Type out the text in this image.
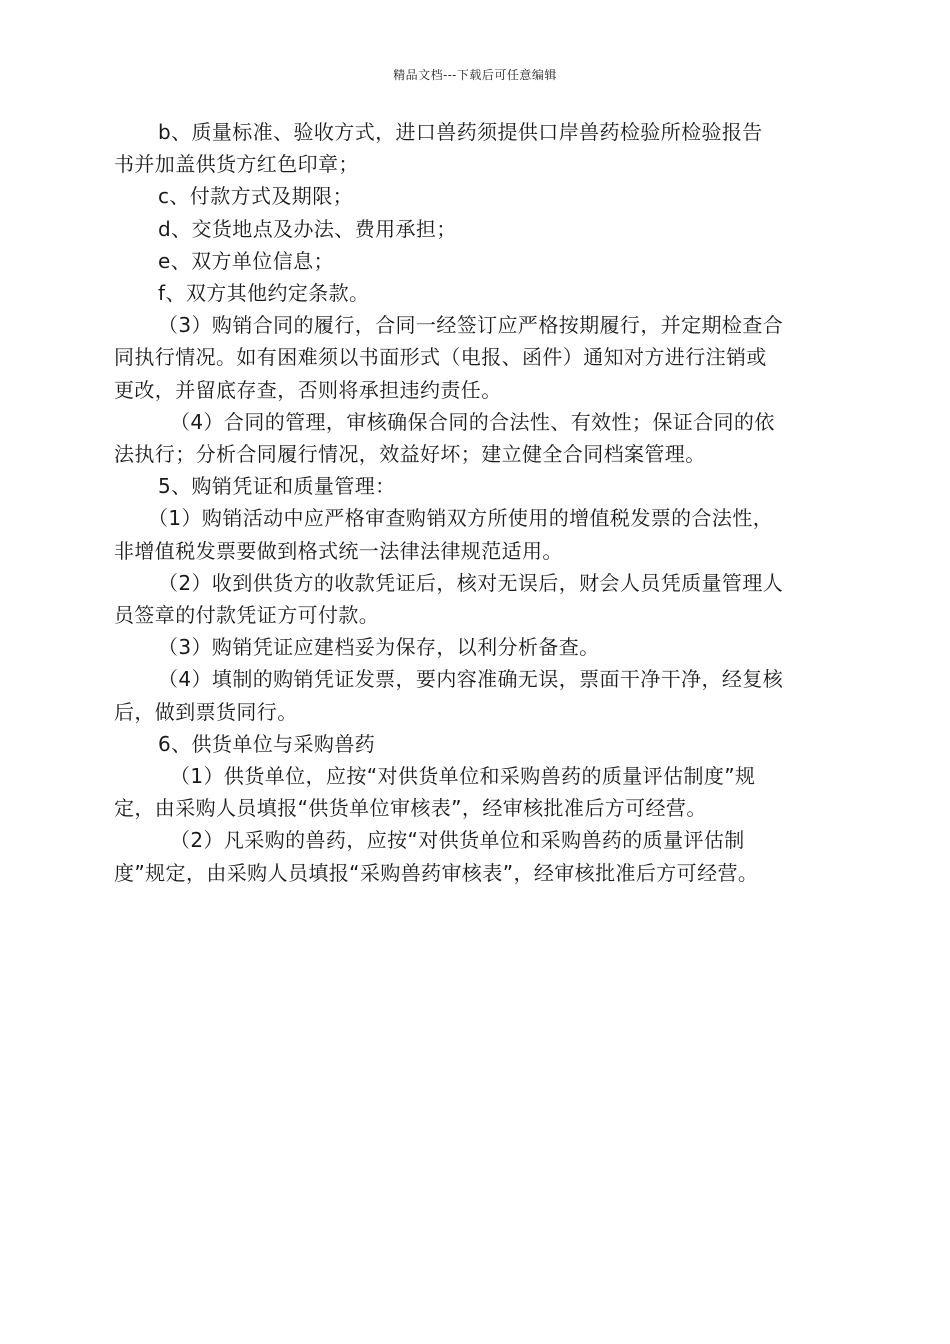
精品文档---下载后可任意编辑
b、质量标准、验收方式，进口兽药须提供口岸兽药检验所检验报告
书并加盖供货方红色印章；
c、付款方式及期限；
d、交货地点及办法、费用承担；
e、双方单位信息；
f、双方其他约定条款。
（3）购销合同的履行，合同一经签订应严格按期履行，并定期检查合
同执行情况。如有困难须以书面形式（电报、函件）通知对方进行注销或
更改，并留底存查，否则将承担违约责任。
（4）合同的管理，审核确保合同的合法性、有效性；保证合同的依
法执行；分析合同履行情况，效益好坏；建立健全合同档案管理。
5、购销凭证和质量管理：
（1）购销活动中应严格审查购销双方所使用的增值税发票的合法性，
非增值税发票要做到格式统一法律法律规范适用。
（2）收到供货方的收款凭证后，核对无误后，财会人员凭质量管理人
员签章的付款凭证方可付款。
（3）购销凭证应建档妥为保存，以利分析备查。
（4）填制的购销凭证发票，要内容准确无误，票面干净干净，经复核
后，做到票货同行。
6、供货单位与采购兽药
（1）供货单位，应按“对供货单位和采购兽药的质量评估制度”规
定，由采购人员填报“供货单位审核表”，经审核批准后方可经营。
（2）凡采购的兽药，应按“对供货单位和采购兽药的质量评估制
度”规定，由采购人员填报“采购兽药审核表”，经审核批准后方可经营。
